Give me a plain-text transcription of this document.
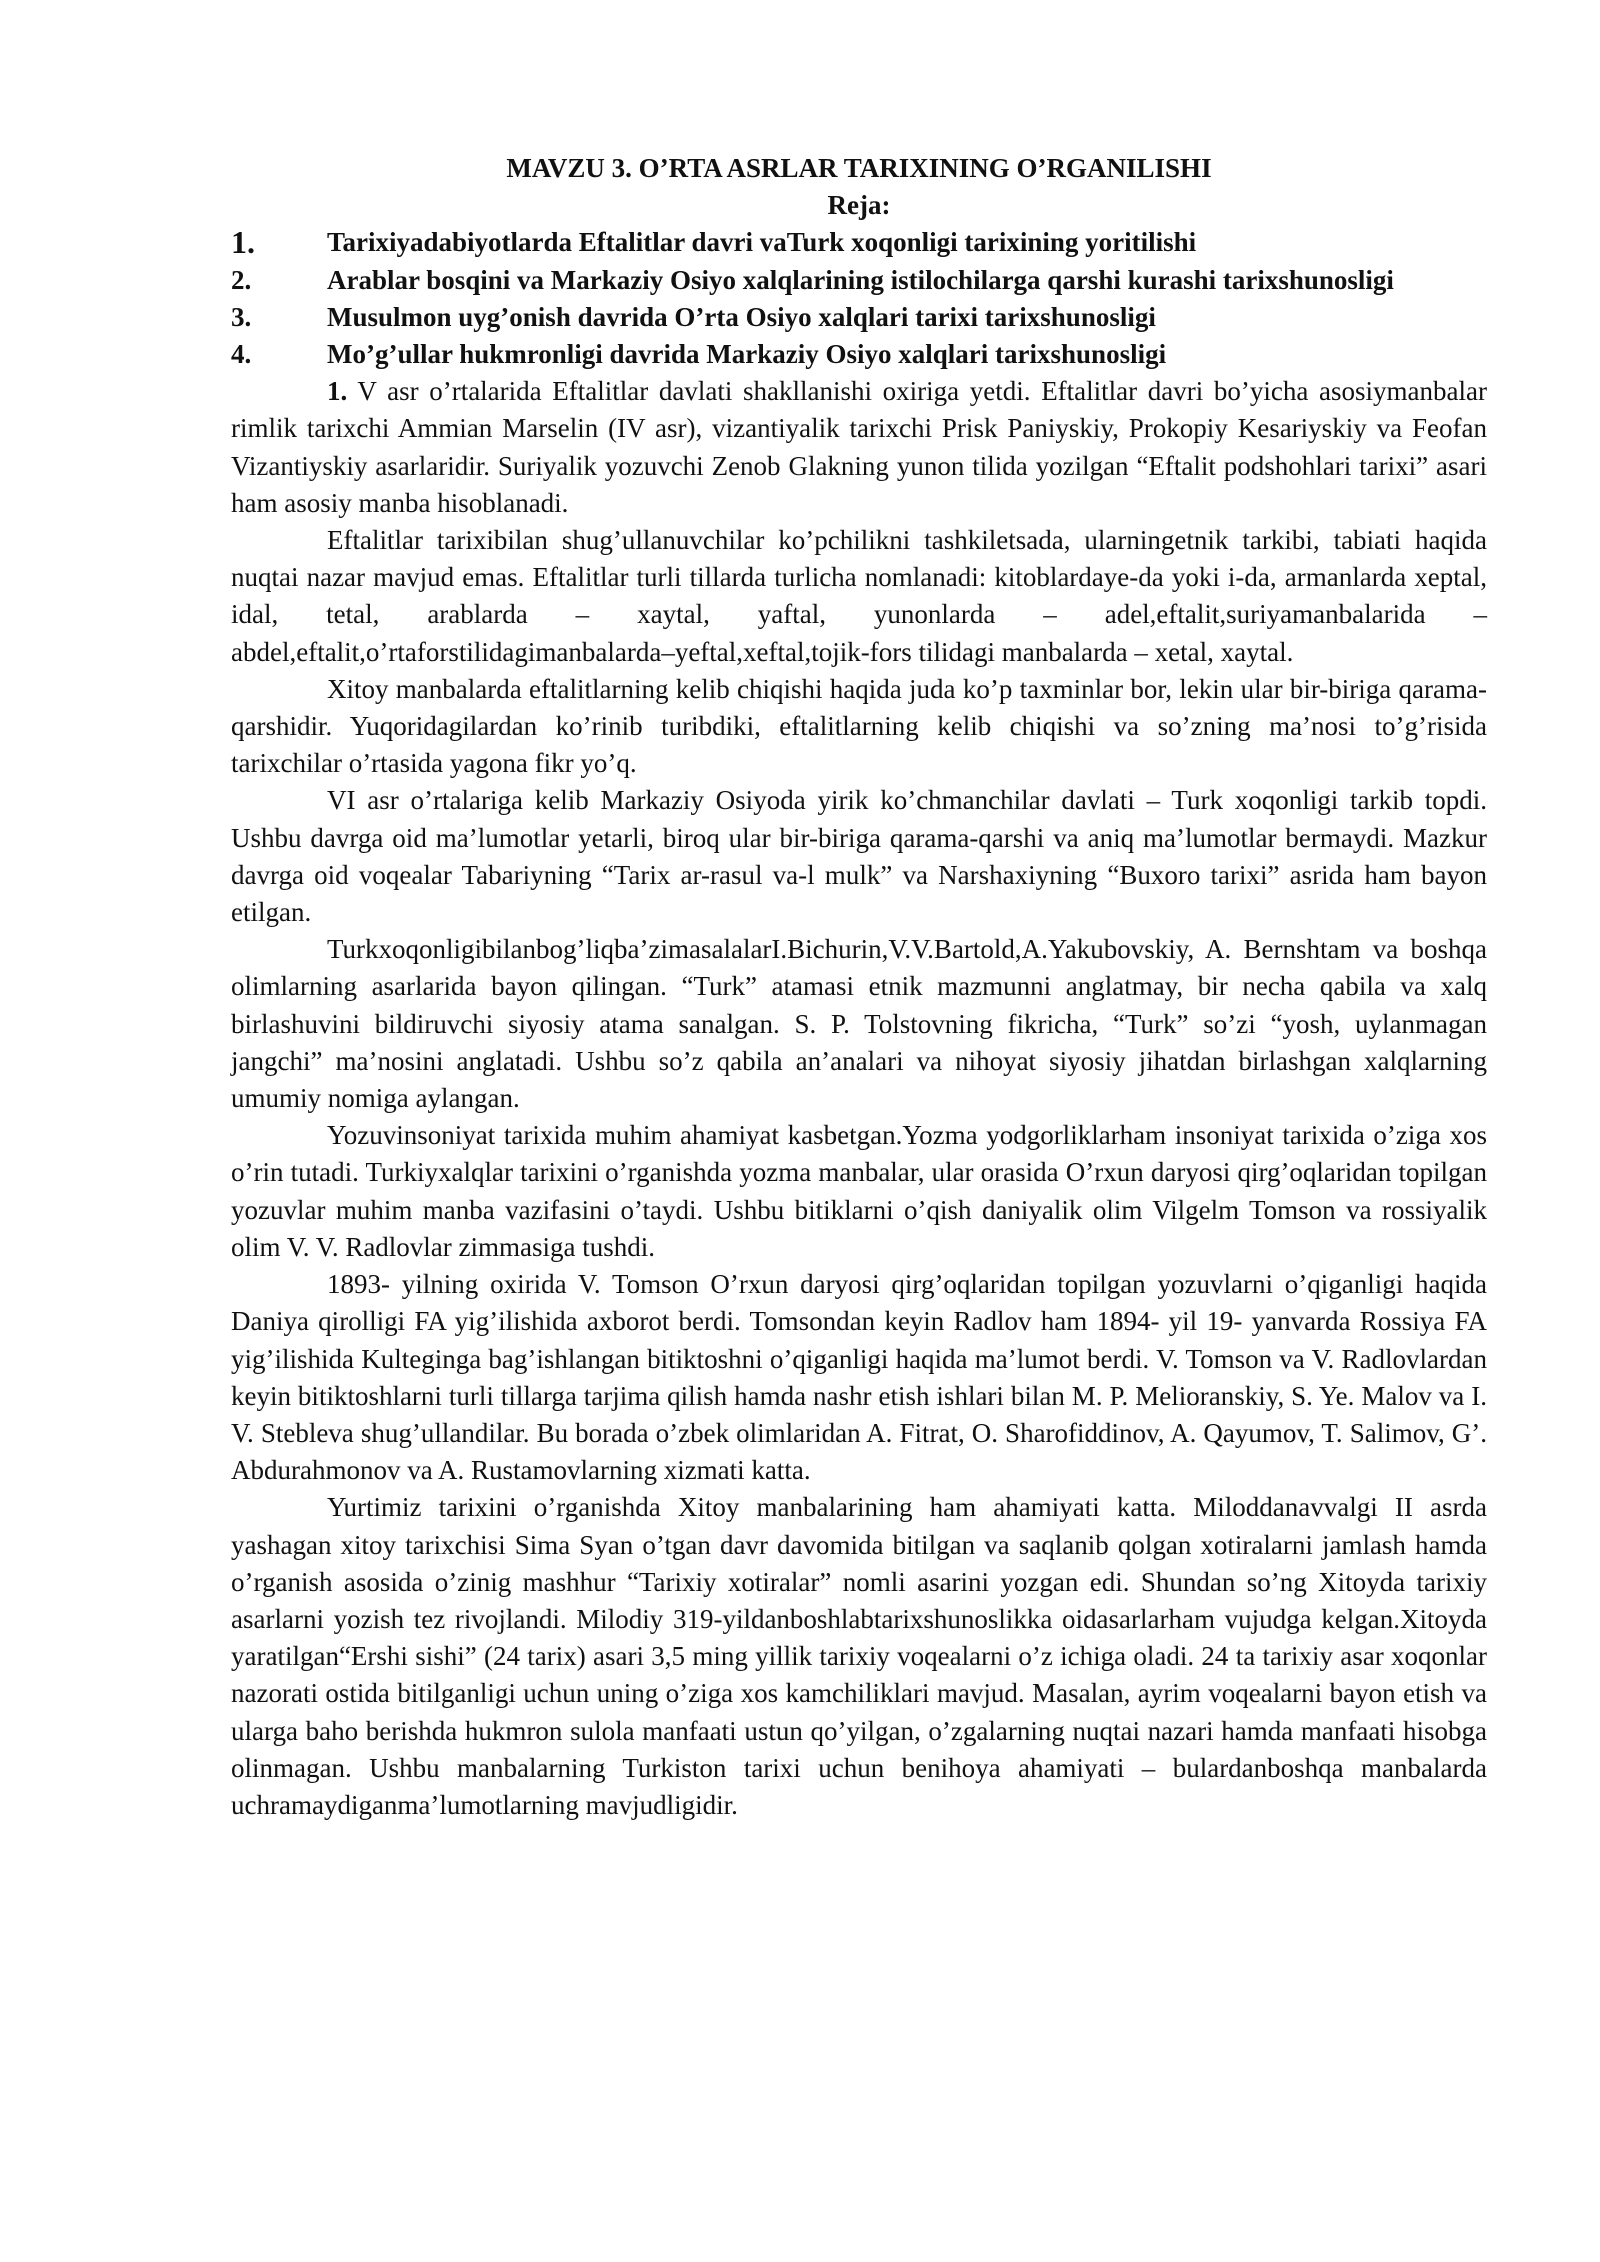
MAVZU 3. O’RTA ASRLAR TARIXINING O’RGANILISHI
Reja:
1.	Tarixiyadabiyotlarda Eftalitlar davri vaTurk xoqonligi tarixining yoritilishi
2.	Arablar bosqini va Markaziy Osiyo xalqlarining istilochilarga qarshi kurashi tarixshunosligi
3.	Musulmon uyg’onish davrida O’rta Osiyo xalqlari tarixi tarixshunosligi
4.	Mo’g’ullar hukmronligi davrida Markaziy Osiyo xalqlari tarixshunosligi

1. V asr o’rtalarida Eftalitlar davlati shakllanishi oxiriga yetdi. Eftalitlar davri bo’yicha asosiymanbalar rimlik tarixchi Ammian Marselin (IV asr), vizantiyalik tarixchi Prisk Paniyskiy, Prokopiy Kesariyskiy va Feofan Vizantiyskiy asarlaridir. Suriyalik yozuvchi Zenob Glakning yunon tilida yozilgan “Eftalit podshohlari tarixi” asari ham asosiy manba hisoblanadi.

Eftalitlar tarixibilan shug’ullanuvchilar ko’pchilikni tashkiletsada, ularningetnik tarkibi, tabiati haqida nuqtai nazar mavjud emas. Eftalitlar turli tillarda turlicha nomlanadi: kitoblardaye-da yoki i-da, armanlarda xeptal, idal, tetal, arablarda – xaytal, yaftal, yunonlarda – adel,eftalit,suriyamanbalarida –abdel,eftalit,o’rtaforstilidagimanbalarda–yeftal,xeftal,tojik-fors tilidagi manbalarda – xetal, xaytal.

Xitoy manbalarda eftalitlarning kelib chiqishi haqida juda ko’p taxminlar bor, lekin ular bir-biriga qarama-qarshidir. Yuqoridagilardan ko’rinib turibdiki, eftalitlarning kelib chiqishi va so’zning ma’nosi to’g’risida tarixchilar o’rtasida yagona fikr yo’q.

VI asr o’rtalariga kelib Markaziy Osiyoda yirik ko’chmanchilar davlati – Turk xoqonligi tarkib topdi. Ushbu davrga oid ma’lumotlar yetarli, biroq ular bir-biriga qarama-qarshi va aniq ma’lumotlar bermaydi. Mazkur davrga oid voqealar Tabariyning “Tarix ar-rasul va-l mulk” va Narshaxiyning “Buxoro tarixi” asrida ham bayon etilgan.

Turkxoqonligibilanbog’liqba’zimasalalarI.Bichurin,V.V.Bartold,A.Yakubovskiy, A. Bernshtam va boshqa olimlarning asarlarida bayon qilingan. “Turk” atamasi etnik mazmunni anglatmay, bir necha qabila va xalq birlashuvini bildiruvchi siyosiy atama sanalgan. S. P. Tolstovning fikricha, “Turk” so’zi “yosh, uylanmagan jangchi” ma’nosini anglatadi. Ushbu so’z qabila an’analari va nihoyat siyosiy jihatdan birlashgan xalqlarning umumiy nomiga aylangan.

Yozuvinsoniyat tarixida muhim ahamiyat kasbetgan.Yozma yodgorliklarham insoniyat tarixida o’ziga xos o’rin tutadi. Turkiyxalqlar tarixini o’rganishda yozma manbalar, ular orasida O’rxun daryosi qirg’oqlaridan topilgan yozuvlar muhim manba vazifasini o’taydi. Ushbu bitiklarni o’qish daniyalik olim Vilgelm Tomson va rossiyalik olim V. V. Radlovlar zimmasiga tushdi.

1893- yilning oxirida V. Tomson O’rxun daryosi qirg’oqlaridan topilgan yozuvlarni o’qiganligi haqida Daniya qirolligi FA yig’ilishida axborot berdi. Tomsondan keyin Radlov ham 1894- yil 19- yanvarda Rossiya FA yig’ilishida Kulteginga bag’ishlangan bitiktoshni o’qiganligi haqida ma’lumot berdi. V. Tomson va V. Radlovlardan keyin bitiktoshlarni turli tillarga tarjima qilish hamda nashr etish ishlari bilan M. P. Melioranskiy, S. Ye. Malov va I. V. Stebleva shug’ullandilar. Bu borada o’zbek olimlaridan A. Fitrat, O. Sharofiddinov, A. Qayumov, T. Salimov, G’. Abdurahmonov va A. Rustamovlarning xizmati katta.

Yurtimiz tarixini o’rganishda Xitoy manbalarining ham ahamiyati katta. Miloddanavvalgi II asrda yashagan xitoy tarixchisi Sima Syan o’tgan davr davomida bitilgan va saqlanib qolgan xotiralarni jamlash hamda o’rganish asosida o’zinig mashhur “Tarixiy xotiralar” nomli asarini yozgan edi. Shundan so’ng Xitoyda tarixiy asarlarni yozish tez rivojlandi. Milodiy 319-yildanboshlabtarixshunoslikka oidasarlarham vujudga kelgan.Xitoyda yaratilgan“Ershi sishi” (24 tarix) asari 3,5 ming yillik tarixiy voqealarni o’z ichiga oladi. 24 ta tarixiy asar xoqonlar nazorati ostida bitilganligi uchun uning o’ziga xos kamchiliklari mavjud. Masalan, ayrim voqealarni bayon etish va ularga baho berishda hukmron sulola manfaati ustun qo’yilgan, o’zgalarning nuqtai nazari hamda manfaati hisobga olinmagan. Ushbu manbalarning Turkiston tarixi uchun benihoya ahamiyati – bulardanboshqa manbalarda uchramaydiganma’lumotlarning mavjudligidir.
